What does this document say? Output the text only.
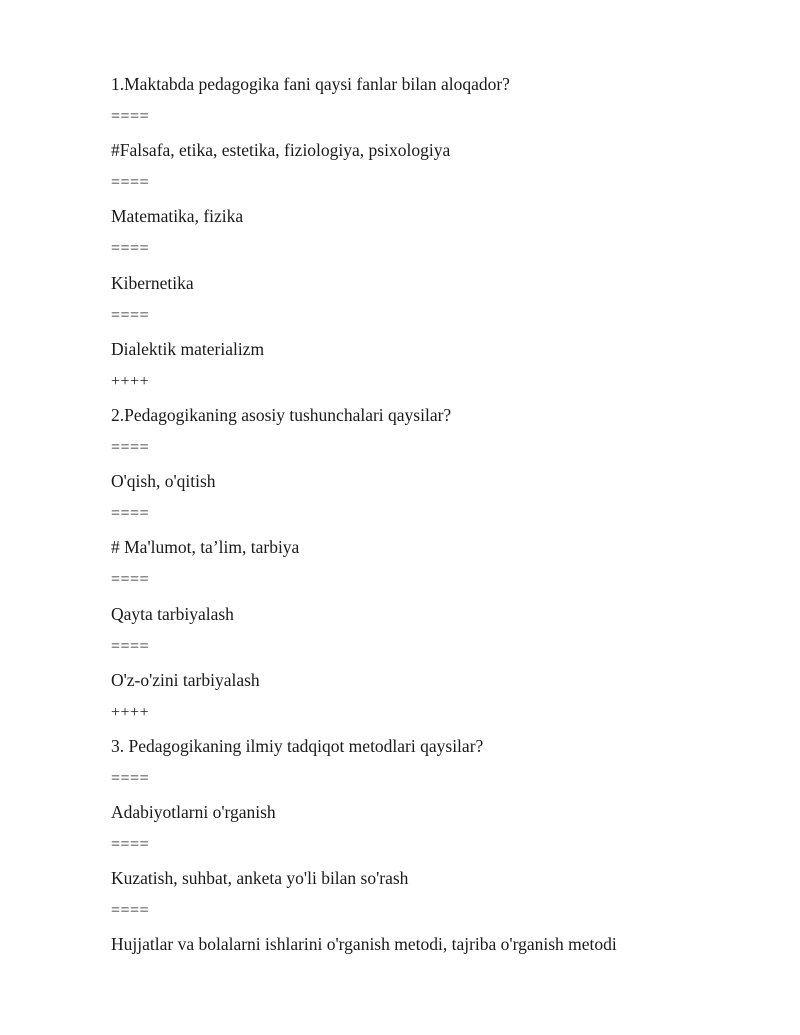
1.Maktabda pedagogika fani qaysi fanlar bilan aloqador?
====
#Falsafa, etika, estetika, fiziologiya, psixologiya
====
Matematika, fizika
====
Kibernetika
====
Dialektik materializm
++++
2.Pedagogikaning asosiy tushunchalari qaysilar?
====
O'qish, o'qitish
====
# Ma'lumot, ta’lim, tarbiya
====
Qayta tarbiyalash
====
O'z-o'zini tarbiyalash
++++
3. Pedagogikaning ilmiy tadqiqot metodlari qaysilar?
====
Adabiyotlarni o'rganish
====
Kuzatish, suhbat, anketa yo'li bilan so'rash
====
Hujjatlar va bolalarni ishlarini o'rganish metodi, tajriba o'rganish metodi
